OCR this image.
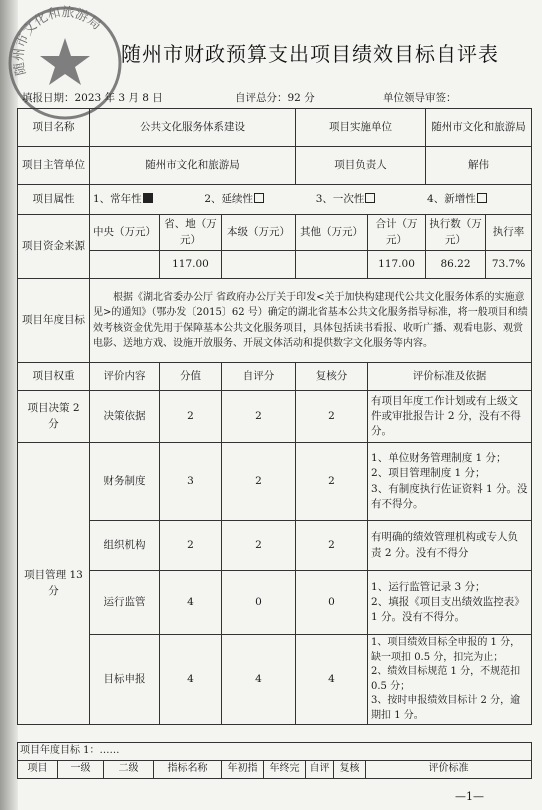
随州市文化和旅游局
随州市财政预算支出项目绩效目标自评表
填报日期：2023 年 3 月 8 日	自评总分：92 分	单位领导审签：
项目名称	公共文化服务体系建设			项目实施单位		随州市文化和旅游局	
项目主管单位	随州市文化和旅游局			项目负责人		解伟	
项目属性	1、常年性 2、延续性 3、一次性 4、新增性						
项目资金来源	中央（万元）	省、地（万元）	本级（万元）	其他（万元）	合计（万元）	执行数（万元）	执行率
		117.00			117.00	86.22	73.7%
项目年度目标	根据《湖北省委办公厅 省政府办公厅关于印发<关于加快构建现代公共文化服务体系的实施意见>的通知》（鄂办发〔2015〕62 号）确定的湖北省基本公共文化服务指导标准，将一般项目和绩效考核资金优先用于保障基本公共文化服务项目，具体包括读书看报、收听广播、观看电影、观赏电影、送地方戏、设施开放服务、开展文体活动和提供数字文化服务等内容。						
项目权重	评价内容	分值	自评分	复核分	评价标准及依据		
项目决策 2 分	决策依据	2	2	2	有项目年度工作计划或有上级文件或审批报告计 2 分，没有不得分。		
项目管理 13 分	财务制度	3	2	2	1、单位财务管理制度 1 分；
2、项目管理制度 1 分；
3、有制度执行佐证资料 1 分。没有不得分。		
	组织机构	2	2	2	有明确的绩效管理机构或专人负责 2 分。没有不得分		
	运行监管	4	0	0	1、运行监管记录 3 分；
2、填报《项目支出绩效监控表》1 分。没有不得分。		
	目标申报	4	4	4	1、项目绩效目标全申报的 1 分，缺一项扣 0.5 分，扣完为止；
2、绩效目标规范 1 分，不规范扣 0.5 分；
3、按时申报绩效目标计 2 分，逾期扣 1 分。		
项目年度目标 1：……
项目	一级	二级	指标名称	年初指	年终完	自评	复核	评价标准
—1—
